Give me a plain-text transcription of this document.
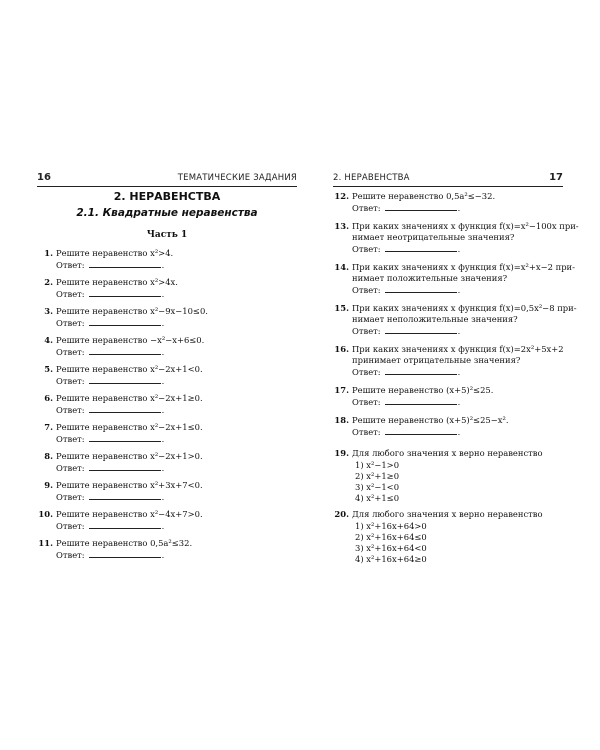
16	ТЕМАТИЧЕСКИЕ ЗАДАНИЯ
2. НЕРАВЕНСТВА
2.1. Квадратные неравенства
Часть 1
1. Решите неравенство x²>4.
Ответ:	.
2. Решите неравенство x²>4x.
Ответ:	.
3. Решите неравенство x²−9x−10≤0.
Ответ:	.
4. Решите неравенство −x²−x+6≤0.
Ответ:	.
5. Решите неравенство x²−2x+1<0.
Ответ:	.
6. Решите неравенство x²−2x+1≥0.
Ответ:	.
7. Решите неравенство x²−2x+1≤0.
Ответ:	.
8. Решите неравенство x²−2x+1>0.
Ответ:	.
9. Решите неравенство x²+3x+7<0.
Ответ:	.
10. Решите неравенство x²−4x+7>0.
Ответ:	.
11. Решите неравенство 0,5a²≤32.
Ответ:	.
2. НЕРАВЕНСТВА	17
12. Решите неравенство 0,5a²≤−32.
Ответ:	.
13. При каких значениях x функция f(x)=x²−100x при-
нимает неотрицательные значения?
Ответ:	.
14. При каких значениях x функция f(x)=x²+x−2 при-
нимает положительные значения?
Ответ:	.
15. При каких значениях x функция f(x)=0,5x²−8 при-
нимает неположительные значения?
Ответ:	.
16. При каких значениях x функция f(x)=2x²+5x+2
принимает отрицательные значения?
Ответ:	.
17. Решите неравенство (x+5)²≤25.
Ответ:	.
18. Решите неравенство (x+5)²≤25−x².
Ответ:	.
19. Для любого значения x верно неравенство
1) x²−1>0
2) x²+1≥0
3) x²−1<0
4) x²+1≤0
20. Для любого значения x верно неравенство
1) x²+16x+64>0
2) x²+16x+64≤0
3) x²+16x+64<0
4) x²+16x+64≥0
